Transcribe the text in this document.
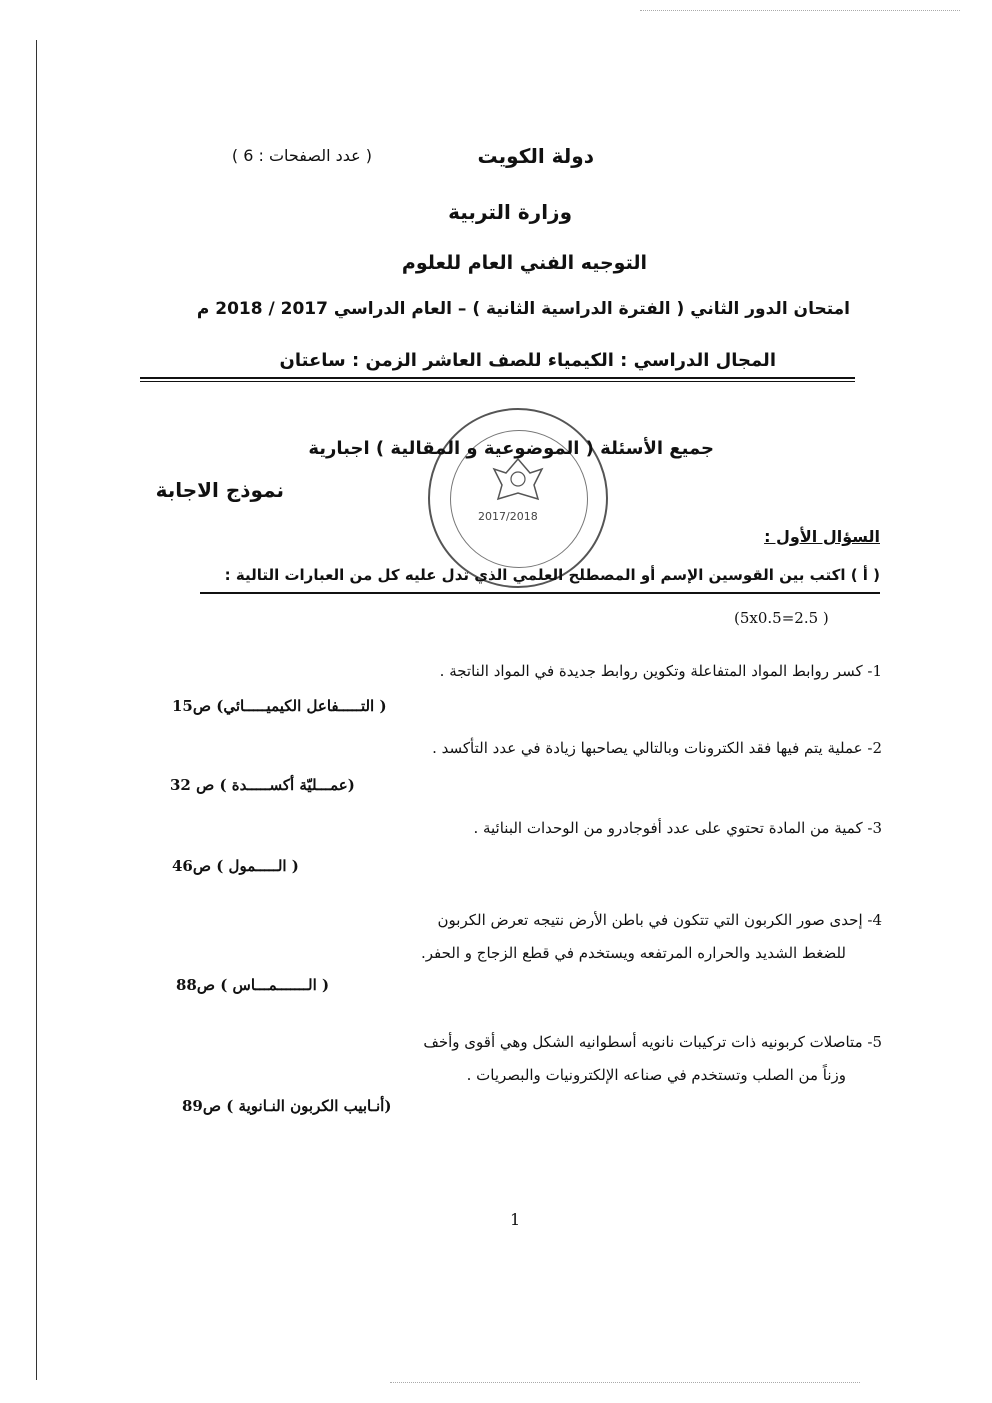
دولة الكويت
( عدد الصفحات : 6 )
وزارة التربية
التوجيه الفني العام للعلوم
امتحان الدور الثاني ( الفترة الدراسية الثانية ) – العام الدراسي 2017 / 2018 م
المجال الدراسي : الكيمياء للصف العاشر الزمن : ساعتان
2017/2018
جميع الأسئلة ( الموضوعية و المقالية ) اجبارية
نموذج الاجابة
السؤال الأول :
( أ ) اكتب بين القوسين الإسم أو المصطلح العلمي الذي تدل عليه كل من العبارات التالية :
(5x0.5=2.5 )
1- كسر روابط المواد المتفاعلة وتكوين روابط جديدة في المواد الناتجة .
( التـــــفاعل الكيميـــــائي) ص15
2- عملية يتم فيها فقد الكترونات وبالتالي يصاحبها زيادة في عدد التأكسد .
(عمـــليّة أكســـــدة ) ص 32
3- كمية من المادة تحتوي على عدد أفوجادرو من الوحدات البنائية .
( الـــــمول ) ص46
4- إحدى صور الكربون التي تتكون في باطن الأرض نتيجه تعرض الكربون
للضغط الشديد والحراره المرتفعه ويستخدم في قطع الزجاج و الحفر.
( الـــــــمـــاس ) ص88
5- متاصلات كربونيه ذات تركيبات نانويه أسطوانيه الشكل وهي أقوى وأخف
وزناً من الصلب وتستخدم في صناعه الإلكترونيات والبصريات .
(أنـابيب الكربون النـانوية ) ص89
1
